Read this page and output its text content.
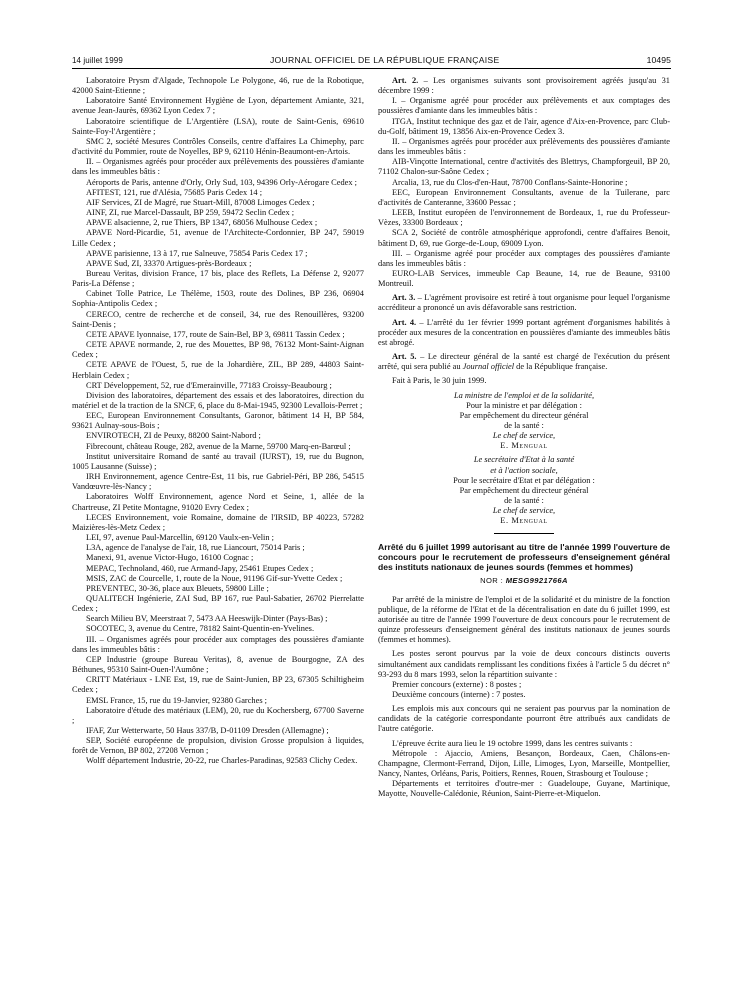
14 juillet 1999	JOURNAL OFFICIEL DE LA RÉPUBLIQUE FRANÇAISE	10495

Laboratoire Prysm d'Algade, Technopole Le Polygone, 46, rue de la Robotique, 42000 Saint-Etienne ;

Laboratoire Santé Environnement Hygiène de Lyon, département Amiante, 321, avenue Jean-Jaurès, 69362 Lyon Cedex 7 ;

Laboratoire scientifique de L'Argentière (LSA), route de Saint-Genis, 69610 Sainte-Foy-l'Argentière ;

SMC 2, société Mesures Contrôles Conseils, centre d'affaires La Chimephy, parc d'activité du Pommier, route de Noyelles, BP 9, 62110 Hénin-Beaumont-en-Artois.

II. – Organismes agréés pour procéder aux prélèvements des poussières d'amiante dans les immeubles bâtis :

Aéroports de Paris, antenne d'Orly, Orly Sud, 103, 94396 Orly-Aérogare Cedex ;

AFITEST, 121, rue d'Alésia, 75685 Paris Cedex 14 ;

AIF Services, ZI de Magré, rue Stuart-Mill, 87008 Limoges Cedex ;

AINF, ZI, rue Marcel-Dassault, BP 259, 59472 Seclin Cedex ;

APAVE alsacienne, 2, rue Thiers, BP 1347, 68056 Mulhouse Cedex ;

APAVE Nord-Picardie, 51, avenue de l'Architecte-Cordonnier, BP 247, 59019 Lille Cedex ;

APAVE parisienne, 13 à 17, rue Salneuve, 75854 Paris Cedex 17 ;

APAVE Sud, ZI, 33370 Artigues-près-Bordeaux ;

Bureau Veritas, division France, 17 bis, place des Reflets, La Défense 2, 92077 Paris-La Défense ;

Cabinet Tolle Patrice, Le Thélème, 1503, route des Dolines, BP 236, 06904 Sophia-Antipolis Cedex ;

CERECO, centre de recherche et de conseil, 34, rue des Renouillères, 93200 Saint-Denis ;

CETE APAVE lyonnaise, 177, route de Sain-Bel, BP 3, 69811 Tassin Cedex ;

CETE APAVE normande, 2, rue des Mouettes, BP 98, 76132 Mont-Saint-Aignan Cedex ;

CETE APAVE de l'Ouest, 5, rue de la Johardière, ZIL, BP 289, 44803 Saint-Herblain Cedex ;

CRT Développement, 52, rue d'Emerainville, 77183 Croissy-Beaubourg ;

Division des laboratoires, département des essais et des laboratoires, direction du matériel et de la traction de la SNCF, 6, place du 8-Mai-1945, 92300 Levallois-Perret ;

EEC, European Environnement Consultants, Garonor, bâtiment 14 H, BP 584, 93621 Aulnay-sous-Bois ;

ENVIROTECH, ZI de Peuxy, 88200 Saint-Nabord ;

Fibrecount, château Rouge, 282, avenue de la Marne, 59700 Marq-en-Barœul ;

Institut universitaire Romand de santé au travail (IURST), 19, rue du Bugnon, 1005 Lausanne (Suisse) ;

IRH Environnement, agence Centre-Est, 11 bis, rue Gabriel-Péri, BP 286, 54515 Vandœuvre-lès-Nancy ;

Laboratoires Wolff Environnement, agence Nord et Seine, 1, allée de la Chartreuse, ZI Petite Montagne, 91020 Evry Cedex ;

LECES Environnement, voie Romaine, domaine de l'IRSID, BP 40223, 57282 Maizières-lès-Metz Cedex ;

LEI, 97, avenue Paul-Marcellin, 69120 Vaulx-en-Velin ;

L3A, agence de l'analyse de l'air, 18, rue Liancourt, 75014 Paris ;

Manexi, 91, avenue Victor-Hugo, 16100 Cognac ;

MEPAC, Technoland, 460, rue Armand-Japy, 25461 Etupes Cedex ;

MSIS, ZAC de Courcelle, 1, route de la Noue, 91196 Gif-sur-Yvette Cedex ;

PREVENTEC, 30-36, place aux Bleuets, 59800 Lille ;

QUALITECH Ingénierie, ZAI Sud, BP 167, rue Paul-Sabatier, 26702 Pierrelatte Cedex ;

Search Milieu BV, Meerstraat 7, 5473 AA Heeswijk-Dinter (Pays-Bas) ;

SOCOTEC, 3, avenue du Centre, 78182 Saint-Quentin-en-Yvelines.

III. – Organismes agréés pour procéder aux comptages des poussières d'amiante dans les immeubles bâtis :

CEP Industrie (groupe Bureau Veritas), 8, avenue de Bourgogne, ZA des Béthunes, 95310 Saint-Ouen-l'Aumône ;

CRITT Matériaux - LNE Est, 19, rue de Saint-Junien, BP 23, 67305 Schiltigheim Cedex ;

EMSL France, 15, rue du 19-Janvier, 92380 Garches ;

Laboratoire d'étude des matériaux (LEM), 20, rue du Kochersberg, 67700 Saverne ;

IFAF, Zur Wetterwarte, 50 Haus 337/B, D-01109 Dresden (Allemagne) ;

SEP, Société européenne de propulsion, division Grosse propulsion à liquides, forêt de Vernon, BP 802, 27208 Vernon ;

Wolff département Industrie, 20-22, rue Charles-Paradinas, 92583 Clichy Cedex.

Art. 2. – Les organismes suivants sont provisoirement agréés jusqu'au 31 décembre 1999 :

I. – Organisme agréé pour procéder aux prélèvements et aux comptages des poussières d'amiante dans les immeubles bâtis :

ITGA, Institut technique des gaz et de l'air, agence d'Aix-en-Provence, parc Club-du-Golf, bâtiment 19, 13856 Aix-en-Provence Cedex 3.

II. – Organismes agréés pour procéder aux prélèvements des poussières d'amiante dans les immeubles bâtis :

AIB-Vinçotte International, centre d'activités des Blettrys, Champforgeuil, BP 20, 71102 Chalon-sur-Saône Cedex ;

Arcalia, 13, rue du Clos-d'en-Haut, 78700 Conflans-Sainte-Honorine ;

EEC, European Environnement Consultants, avenue de la Tuilerane, parc d'activités de Canteranne, 33600 Pessac ;

LEEB, Institut européen de l'environnement de Bordeaux, 1, rue du Professeur-Vèzes, 33300 Bordeaux ;

SCA 2, Société de contrôle atmosphérique approfondi, centre d'affaires Benoit, bâtiment D, 69, rue Gorge-de-Loup, 69009 Lyon.

III. – Organisme agréé pour procéder aux comptages des poussières d'amiante dans les immeubles bâtis :

EURO-LAB Services, immeuble Cap Beaune, 14, rue de Beaune, 93100 Montreuil.

Art. 3. – L'agrément provisoire est retiré à tout organisme pour lequel l'organisme accréditeur a prononcé un avis défavorable sans restriction.

Art. 4. – L'arrêté du 1er février 1999 portant agrément d'organismes habilités à procéder aux mesures de la concentration en poussières d'amiante des immeubles bâtis est abrogé.

Art. 5. – Le directeur général de la santé est chargé de l'exécution du présent arrêté, qui sera publié au Journal officiel de la République française.

Fait à Paris, le 30 juin 1999.

La ministre de l'emploi et de la solidarité,

Pour la ministre et par délégation :

Par empêchement du directeur général

de la santé :

Le chef de service,

E. Mengual

Le secrétaire d'Etat à la santé

et à l'action sociale,

Pour le secrétaire d'Etat et par délégation :

Par empêchement du directeur général

de la santé :

Le chef de service,

E. Mengual

Arrêté du 6 juillet 1999 autorisant au titre de l'année 1999 l'ouverture de concours pour le recrutement de professeurs d'enseignement général des instituts nationaux de jeunes sourds (femmes et hommes)

NOR : MESG9921766A

Par arrêté de la ministre de l'emploi et de la solidarité et du ministre de la fonction publique, de la réforme de l'Etat et de la décentralisation en date du 6 juillet 1999, est autorisée au titre de l'année 1999 l'ouverture de deux concours pour le recrutement de quinze professeurs d'enseignement général des instituts nationaux de jeunes sourds (femmes et hommes).

Les postes seront pourvus par la voie de deux concours distincts ouverts simultanément aux candidats remplissant les conditions fixées à l'article 5 du décret n° 93-293 du 8 mars 1993, selon la répartition suivante :

Premier concours (externe) : 8 postes ;

Deuxième concours (interne) : 7 postes.

Les emplois mis aux concours qui ne seraient pas pourvus par la nomination de candidats de la catégorie correspondante pourront être attribués aux candidats de l'autre catégorie.

L'épreuve écrite aura lieu le 19 octobre 1999, dans les centres suivants :

Métropole : Ajaccio, Amiens, Besançon, Bordeaux, Caen, Châlons-en-Champagne, Clermont-Ferrand, Dijon, Lille, Limoges, Lyon, Marseille, Montpellier, Nancy, Nantes, Orléans, Paris, Poitiers, Rennes, Rouen, Strasbourg et Toulouse ;

Départements et territoires d'outre-mer : Guadeloupe, Guyane, Martinique, Mayotte, Nouvelle-Calédonie, Réunion, Saint-Pierre-et-Miquelon.
